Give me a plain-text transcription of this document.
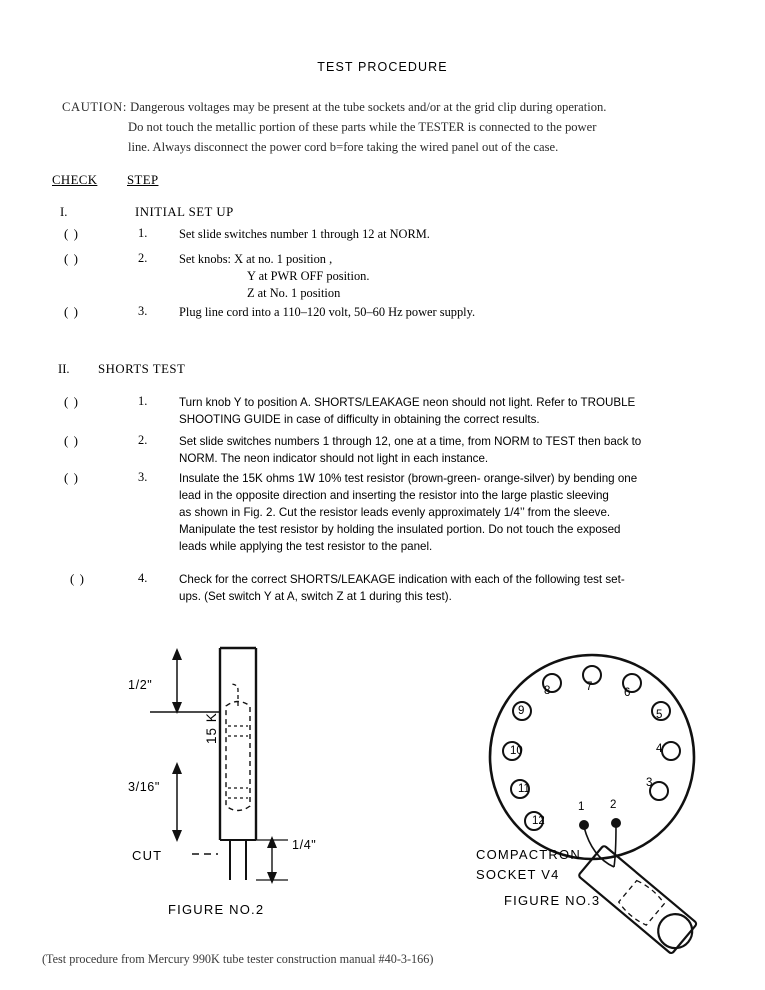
TEST PROCEDURE
CAUTION: Dangerous voltages may be present at the tube sockets and/or at the grid clip during operation.
Do not touch the metallic portion of these parts while the TESTER is connected to the power
line. Always disconnect the power cord b=fore taking the wired panel out of the case.
CHECK STEP
I.	INITIAL SET UP
( )	1.	Set slide switches number 1 through 12 at NORM.
( )	2.	Set knobs: X at no. 1 position ,
Y at PWR OFF position.
Z at No. 1 position
( )	3.	Plug line cord into a 110–120 volt, 50–60 Hz power supply.
II. SHORTS TEST
( )	1.	Turn knob Y to position A. SHORTS/LEAKAGE neon should not light. Refer to TROUBLE
SHOOTING GUIDE in case of difficulty in obtaining the correct results.
( )	2.	Set slide switches numbers 1 through 12, one at a time, from NORM to TEST then back to
NORM. The neon indicator should not light in each instance.
( )	3.	Insulate the 15K ohms 1W 10% test resistor (brown-green- orange-silver) by bending one
lead in the opposite direction and inserting the resistor into the large plastic sleeving
as shown in Fig. 2. Cut the resistor leads evenly approximately 1/4’’ from the sleeve.
Manipulate the test resistor by holding the insulated portion. Do not touch the exposed
leads while applying the test resistor to the panel.
( )	4.	Check for the correct SHORTS/LEAKAGE indication with each of the following test set-
ups. (Set switch Y at A, switch Z at 1 during this test).
1/2"
3/16"
1/4"
15 K
CUT
FIGURE NO.2
7	6
5
4
3
8
9
10
11
12
1 2
COMPACTRON
SOCKET V4
FIGURE NO.3
(Test procedure from Mercury 990K tube tester construction manual #40-3-166)
